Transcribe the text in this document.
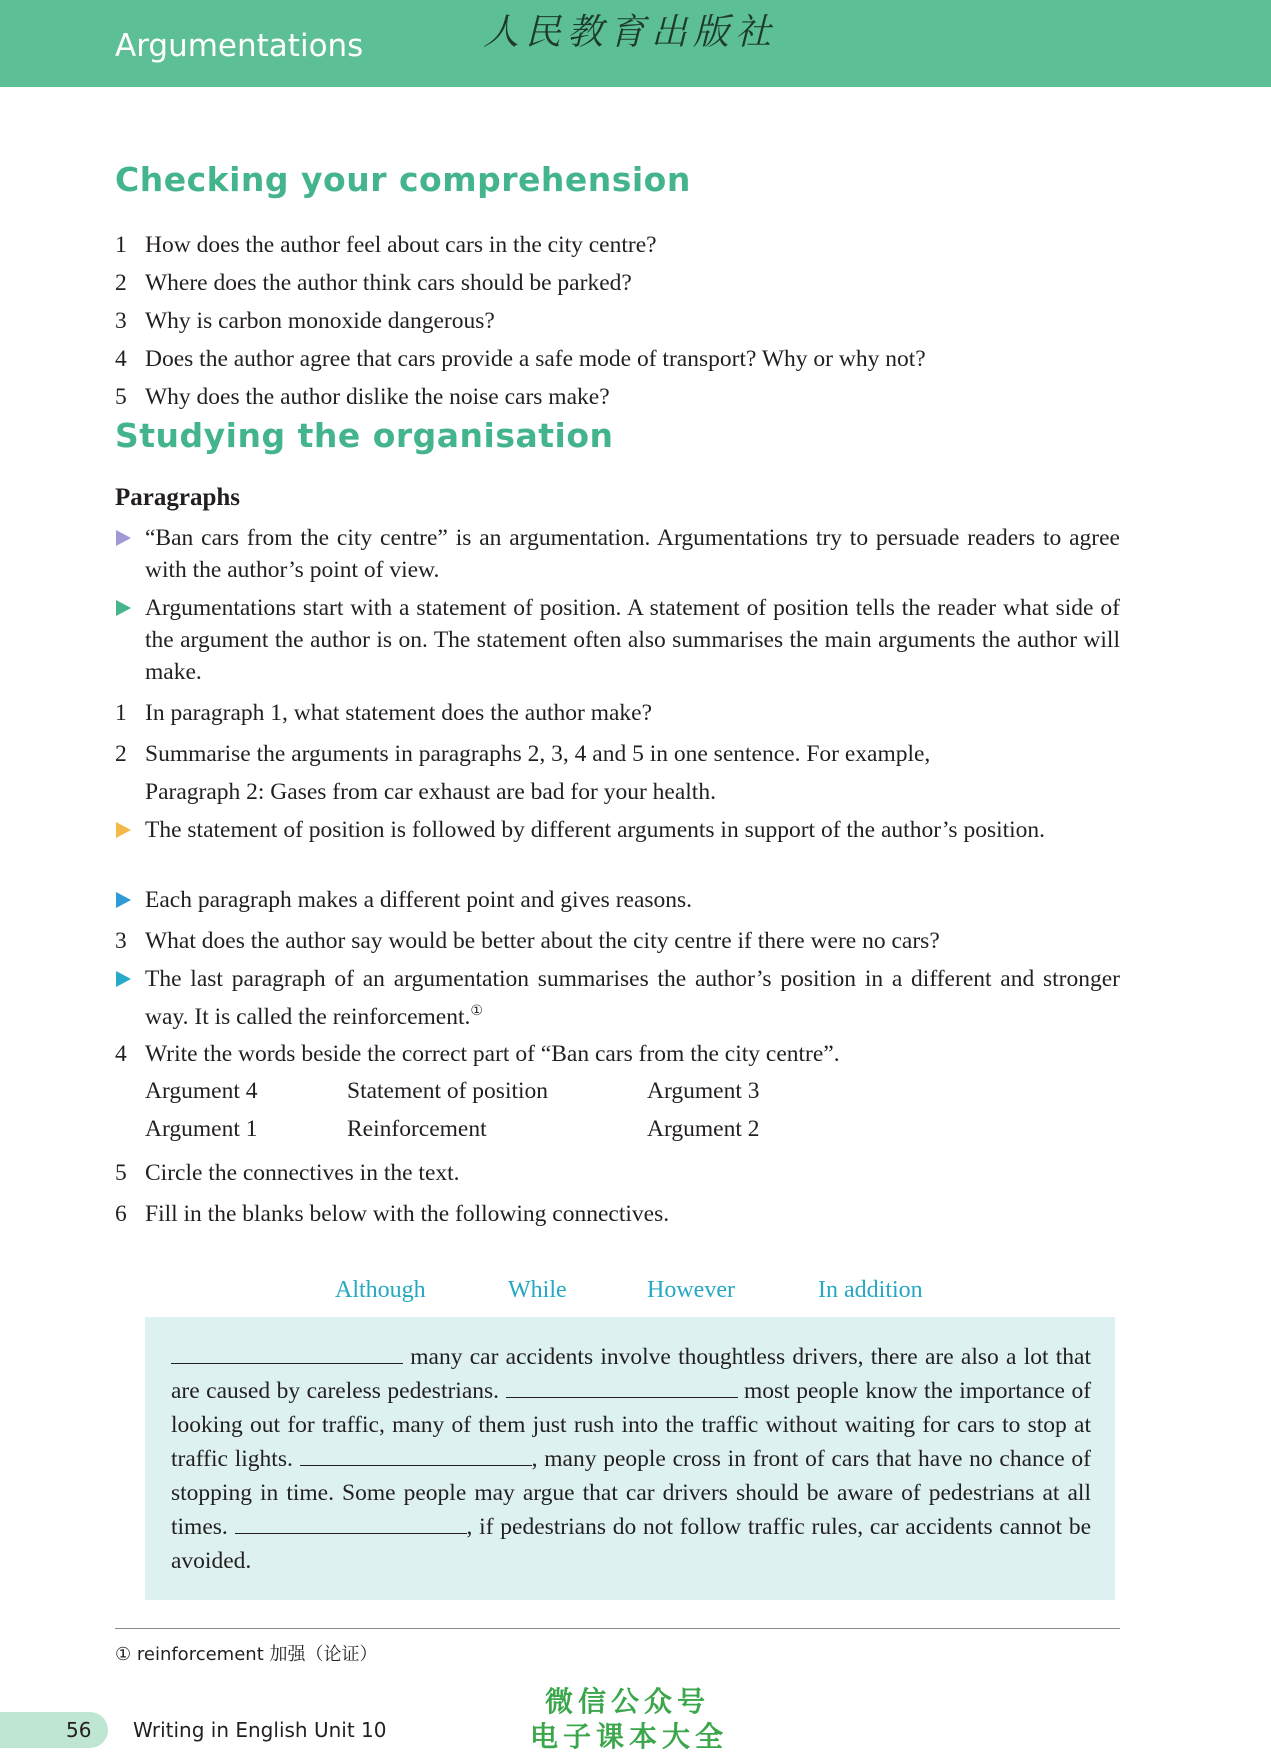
Argumentations	人民教育出版社
Checking your comprehension
1 How does the author feel about cars in the city centre?
2 Where does the author think cars should be parked?
3 Why is carbon monoxide dangerous?
4 Does the author agree that cars provide a safe mode of transport? Why or why not?
5 Why does the author dislike the noise cars make?
Studying the organisation
Paragraphs
“Ban cars from the city centre” is an argumentation. Argumentations try to persuade readers to agree with the author’s point of view.
Argumentations start with a statement of position. A statement of position tells the reader what side of the argument the author is on. The statement often also summarises the main arguments the author will make.
1 In paragraph 1, what statement does the author make?
2 Summarise the arguments in paragraphs 2, 3, 4 and 5 in one sentence. For example,
Paragraph 2: Gases from car exhaust are bad for your health.
The statement of position is followed by different arguments in support of the author’s position.
Each paragraph makes a different point and gives reasons.
3 What does the author say would be better about the city centre if there were no cars?
The last paragraph of an argumentation summarises the author’s position in a different and stronger way. It is called the reinforcement.①
4 Write the words beside the correct part of “Ban cars from the city centre”.
Argument 4	Statement of position	Argument 3
Argument 1	Reinforcement	Argument 2
5 Circle the connectives in the text.
6 Fill in the blanks below with the following connectives.
Although	While	However	In addition
many car accidents involve thoughtless drivers, there are also a lot that are caused by careless pedestrians.	most people know the importance of looking out for traffic, many of them just rush into the traffic without waiting for cars to stop at traffic lights.	, many people cross in front of cars that have no chance of stopping in time. Some people may argue that car drivers should be aware of pedestrians at all times.	, if pedestrians do not follow traffic rules, car accidents cannot be avoided.
① reinforcement 加强（论证）
56 Writing in English Unit 10
微信公众号
电子课本大全
